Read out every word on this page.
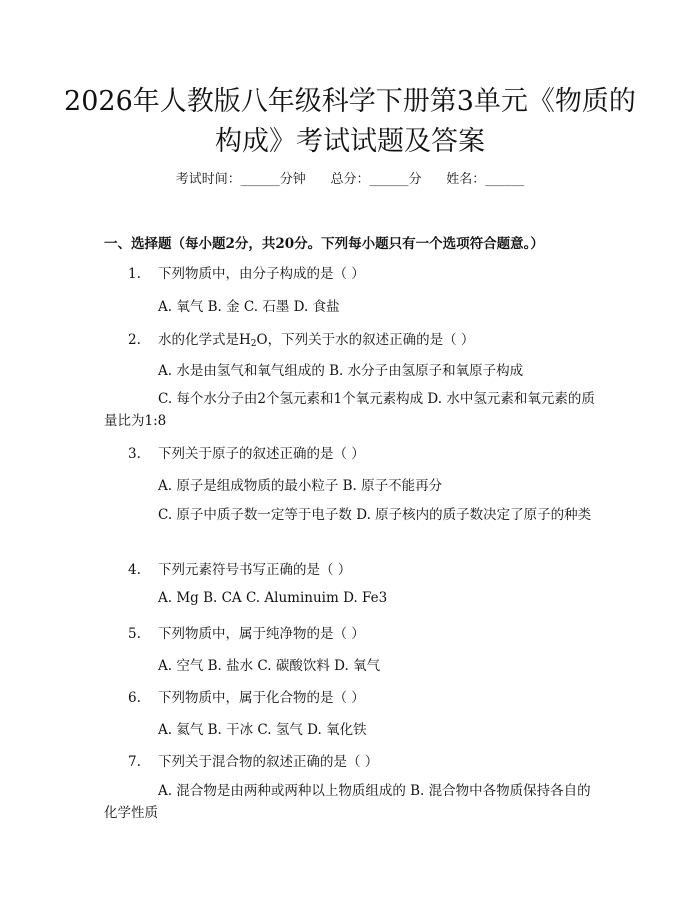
2026年人教版八年级科学下册第3单元《物质的构成》考试试题及答案
考试时间：______分钟      总分：______分      姓名：______
一、选择题（每小题2分，共20分。下列每小题只有一个选项符合题意。）
1. 下列物质中，由分子构成的是（ ）
A. 氧气 B. 金 C. 石墨 D. 食盐
2. 水的化学式是$H_2O$，下列关于水的叙述正确的是（ ）
A. 水是由氢气和氧气组成的 B. 水分子由氢原子和氧原子构成
C. 每个水分子由2个氢元素和1个氧元素构成 D. 水中氢元素和氧元素的质量比为1:8
3. 下列关于原子的叙述正确的是（ ）
A. 原子是组成物质的最小粒子 B. 原子不能再分
C. 原子中质子数一定等于电子数 D. 原子核内的质子数决定了原子的种类
4. 下列元素符号书写正确的是（ ）
A. Mg B. CA C. Aluminuim D. Fe3
5. 下列物质中，属于纯净物的是（ ）
A. 空气 B. 盐水 C. 碳酸饮料 D. 氧气
6. 下列物质中，属于化合物的是（ ）
A. 氦气 B. 干冰 C. 氢气 D. 氧化铁
7. 下列关于混合物的叙述正确的是（ ）
A. 混合物是由两种或两种以上物质组成的 B. 混合物中各物质保持各自的化学性质
